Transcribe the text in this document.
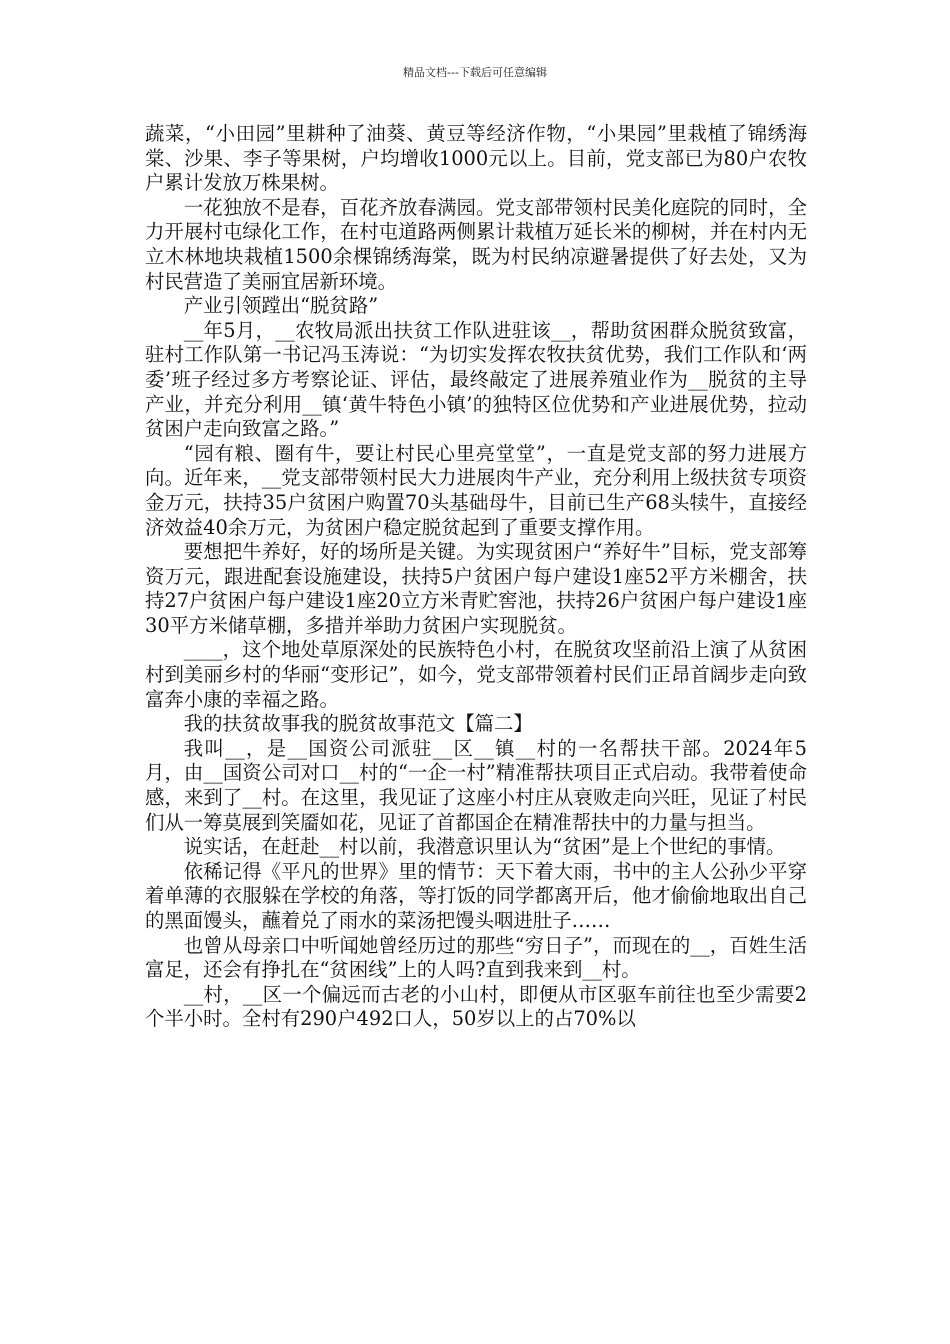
精品文档---下载后可任意编辑

蔬菜，“小田园”里耕种了油葵、黄豆等经济作物，“小果园”里栽植了锦绣海棠、沙果、李子等果树，户均增收1000元以上。目前，党支部已为80户农牧户累计发放万株果树。

一花独放不是春，百花齐放春满园。党支部带领村民美化庭院的同时，全力开展村屯绿化工作，在村屯道路两侧累计栽植万延长米的柳树，并在村内无立木林地块栽植1500余棵锦绣海棠，既为村民纳凉避暑提供了好去处，又为村民营造了美丽宜居新环境。

产业引领蹚出“脱贫路”

__年5月，__农牧局派出扶贫工作队进驻该__，帮助贫困群众脱贫致富，驻村工作队第一书记冯玉涛说：“为切实发挥农牧扶贫优势，我们工作队和‘两委’班子经过多方考察论证、评估，最终敲定了进展养殖业作为__脱贫的主导产业，并充分利用__镇‘黄牛特色小镇’的独特区位优势和产业进展优势，拉动贫困户走向致富之路。”

“园有粮、圈有牛，要让村民心里亮堂堂”，一直是党支部的努力进展方向。近年来，__党支部带领村民大力进展肉牛产业，充分利用上级扶贫专项资金万元，扶持35户贫困户购置70头基础母牛，目前已生产68头犊牛，直接经济效益40余万元，为贫困户稳定脱贫起到了重要支撑作用。

要想把牛养好，好的场所是关键。为实现贫困户“养好牛”目标，党支部筹资万元，跟进配套设施建设，扶持5户贫困户每户建设1座52平方米棚舍，扶持27户贫困户每户建设1座20立方米青贮窖池，扶持26户贫困户每户建设1座30平方米储草棚，多措并举助力贫困户实现脱贫。

____，这个地处草原深处的民族特色小村，在脱贫攻坚前沿上演了从贫困村到美丽乡村的华丽“变形记”，如今，党支部带领着村民们正昂首阔步走向致富奔小康的幸福之路。

我的扶贫故事我的脱贫故事范文【篇二】

我叫__，是__国资公司派驻__区__镇__村的一名帮扶干部。2024年5月，由__国资公司对口__村的“一企一村”精准帮扶项目正式启动。我带着使命感，来到了__村。在这里，我见证了这座小村庄从衰败走向兴旺，见证了村民们从一筹莫展到笑靥如花，见证了首都国企在精准帮扶中的力量与担当。

说实话，在赶赴__村以前，我潜意识里认为“贫困”是上个世纪的事情。

依稀记得《平凡的世界》里的情节：天下着大雨，书中的主人公孙少平穿着单薄的衣服躲在学校的角落，等打饭的同学都离开后，他才偷偷地取出自己的黑面馒头，蘸着兑了雨水的菜汤把馒头咽进肚子……

也曾从母亲口中听闻她曾经历过的那些“穷日子”，而现在的__，百姓生活富足，还会有挣扎在“贫困线”上的人吗?直到我来到__村。

__村，__区一个偏远而古老的小山村，即便从市区驱车前往也至少需要2个半小时。全村有290户492口人，50岁以上的占70%以
